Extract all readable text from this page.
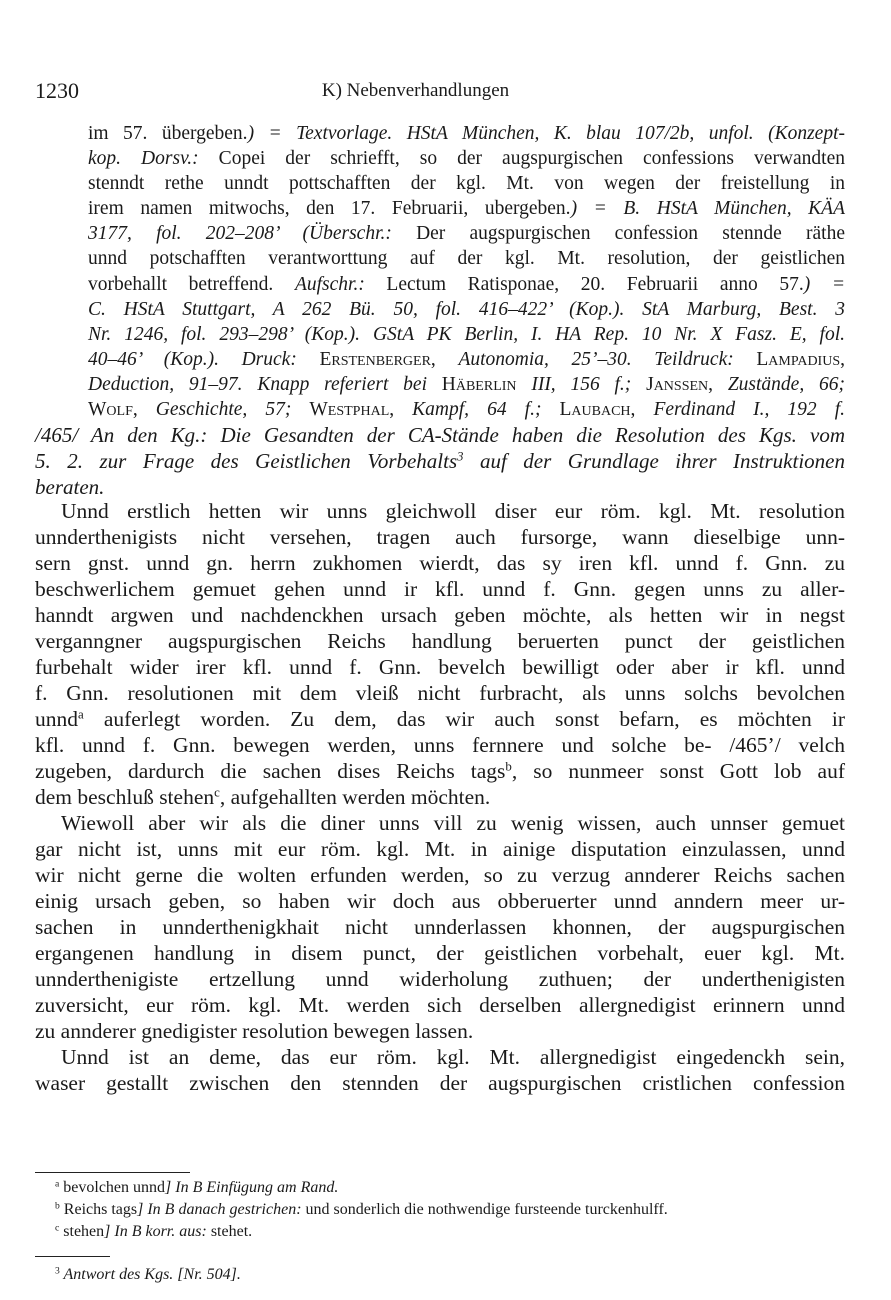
1230	K) Nebenverhandlungen
im 57. übergeben.) = Textvorlage. HStA München, K. blau 107/2b, unfol. (Konzept-
kop. Dorsv.: Copei der schriefft, so der augspurgischen confessions verwandten
stenndt rethe unndt pottschafften der kgl. Mt. von wegen der freistellung in
irem namen mitwochs, den 17. Februarii, ubergeben.) = B. HStA München, KÄA
3177, fol. 202–208’ (Überschr.: Der augspurgischen confession stennde räthe
unnd potschafften verantworttung auf der kgl. Mt. resolution, der geistlichen
vorbehallt betreffend. Aufschr.: Lectum Ratisponae, 20. Februarii anno 57.) =
C. HStA Stuttgart, A 262 Bü. 50, fol. 416–422’ (Kop.). StA Marburg, Best. 3
Nr. 1246, fol. 293–298’ (Kop.). GStA PK Berlin, I. HA Rep. 10 Nr. X Fasz. E, fol.
40–46’ (Kop.). Druck: Erstenberger, Autonomia, 25’–30. Teildruck: Lampadius,
Deduction, 91–97. Knapp referiert bei Häberlin III, 156 f.; Janssen, Zustände, 66;
Wolf, Geschichte, 57; Westphal, Kampf, 64 f.; Laubach, Ferdinand I., 192 f.
/465/ An den Kg.: Die Gesandten der CA-Stände haben die Resolution des Kgs. vom
5. 2. zur Frage des Geistlichen Vorbehalts$^3$ auf der Grundlage ihrer Instruktionen
beraten.
Unnd erstlich hetten wir unns gleichwoll diser eur röm. kgl. Mt. resolution
unnderthenigists nicht versehen, tragen auch fursorge, wann dieselbige unn-
sern gnst. unnd gn. herrn zukhomen wierdt, das sy iren kfl. unnd f. Gnn. zu
beschwerlichem gemuet gehen unnd ir kfl. unnd f. Gnn. gegen unns zu aller-
hanndt argwen und nachdenckhen ursach geben möchte, als hetten wir in negst
verganngner augspurgischen Reichs handlung beruerten punct der geistlichen
furbehalt wider irer kfl. unnd f. Gnn. bevelch bewilligt oder aber ir kfl. unnd
f. Gnn. resolutionen mit dem vleiß nicht furbracht, als unns solchs bevolchen
unnd$^a$ auferlegt worden. Zu dem, das wir auch sonst befarn, es möchten ir
kfl. unnd f. Gnn. bewegen werden, unns fernnere und solche be- /465’/ velch
zugeben, dardurch die sachen dises Reichs tags$^b$, so nunmeer sonst Gott lob auf
dem beschluß stehen$^c$, aufgehallten werden möchten.
Wiewoll aber wir als die diner unns vill zu wenig wissen, auch unnser gemuet
gar nicht ist, unns mit eur röm. kgl. Mt. in ainige disputation einzulassen, unnd
wir nicht gerne die wolten erfunden werden, so zu verzug annderer Reichs sachen
einig ursach geben, so haben wir doch aus obberuerter unnd anndern meer ur-
sachen in unnderthenigkhait nicht unnderlassen khonnen, der augspurgischen
ergangenen handlung in disem punct, der geistlichen vorbehalt, euer kgl. Mt.
unnderthenigiste ertzellung unnd widerholung zuthuen; der underthenigisten
zuversicht, eur röm. kgl. Mt. werden sich derselben allergnedigist erinnern unnd
zu annderer gnedigister resolution bewegen lassen.
Unnd ist an deme, das eur röm. kgl. Mt. allergnedigist eingedenckh sein,
waser gestallt zwischen den stennden der augspurgischen cristlichen confession
$^a$ bevolchen unnd] In B Einfügung am Rand.
$^b$ Reichs tags] In B danach gestrichen: und sonderlich die nothwendige fursteende turckenhulff.
$^c$ stehen] In B korr. aus: stehet.
$^3$ Antwort des Kgs. [Nr. 504].
